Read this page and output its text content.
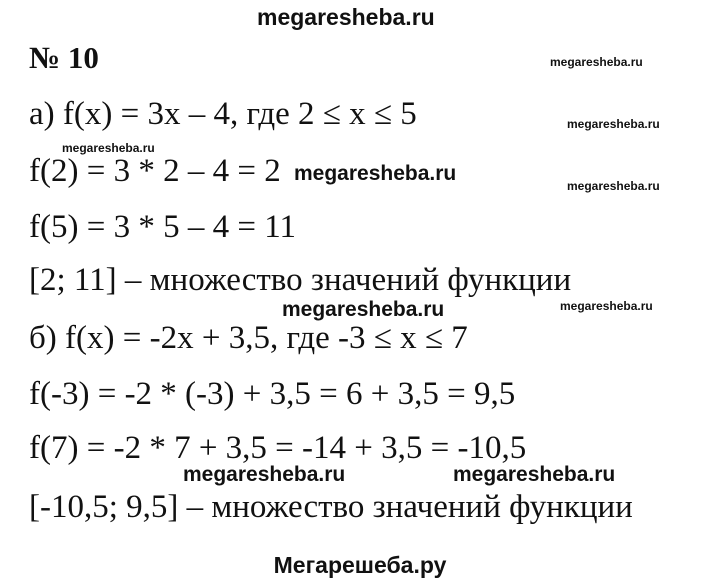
megaresheba.ru
№ 10	megaresheba.ru
megaresheba.ru
megaresheba.ru
а) f(x) = 3x – 4, где 2 ≤ x ≤ 5
megaresheba.ru
f(2) = 3 * 2 – 4 = 2 megaresheba.ru
f(5) = 3 * 5 – 4 = 11
[2; 11] – множество значений функции
megaresheba.ru	megaresheba.ru
б) f(x) = -2x + 3,5, где -3 ≤ x ≤ 7
f(-3) = -2 * (-3) + 3,5 = 6 + 3,5 = 9,5
f(7) = -2 * 7 + 3,5 = -14 + 3,5 = -10,5
megaresheba.ru	megaresheba.ru
[-10,5; 9,5] – множество значений функции
Мегарешеба.ру
